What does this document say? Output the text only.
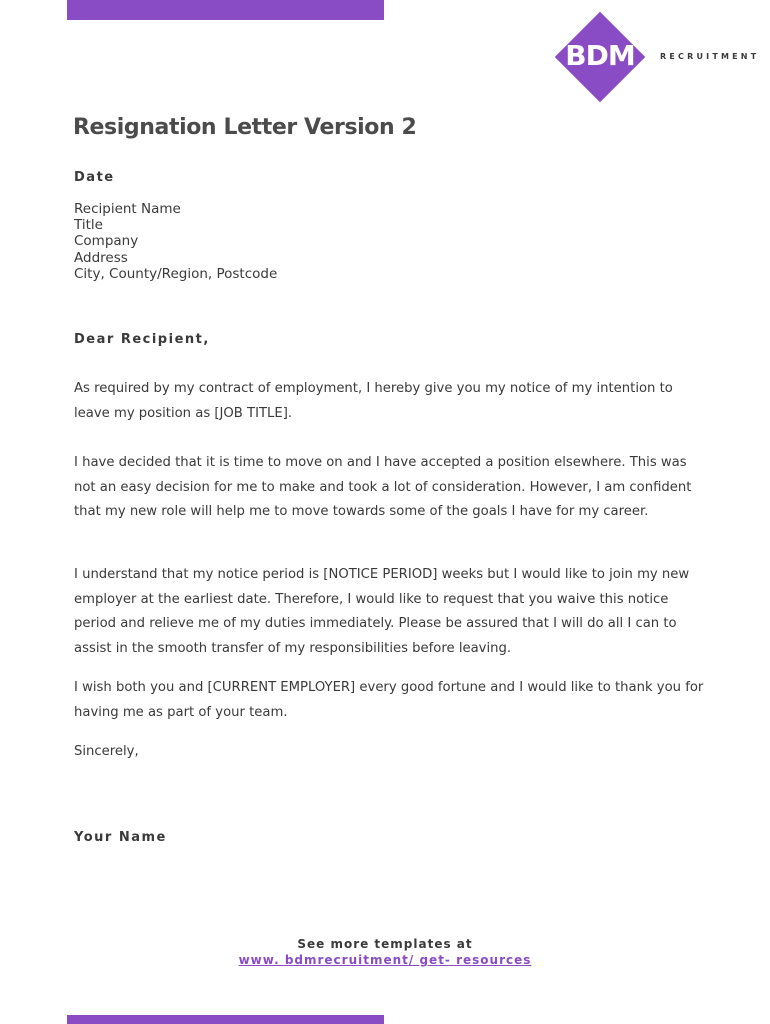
BDM	RECRUITMENT
Resignation Letter Version 2
Date
Recipient Name
Title
Company
Address
City, County/Region, Postcode
Dear Recipient,

As required by my contract of employment, I hereby give you my notice of my intention to leave my position as [JOB TITLE].

I have decided that it is time to move on and I have accepted a position elsewhere. This was not an easy decision for me to make and took a lot of consideration. However, I am confident that my new role will help me to move towards some of the goals I have for my career.

I understand that my notice period is [NOTICE PERIOD] weeks but I would like to join my new employer at the earliest date. Therefore, I would like to request that you waive this notice period and relieve me of my duties immediately. Please be assured that I will do all I can to assist in the smooth transfer of my responsibilities before leaving.

I wish both you and [CURRENT EMPLOYER] every good fortune and I would like to thank you for having me as part of your team.

Sincerely,

Your Name
See more templates at
www. bdmrecruitment/ get- resources
